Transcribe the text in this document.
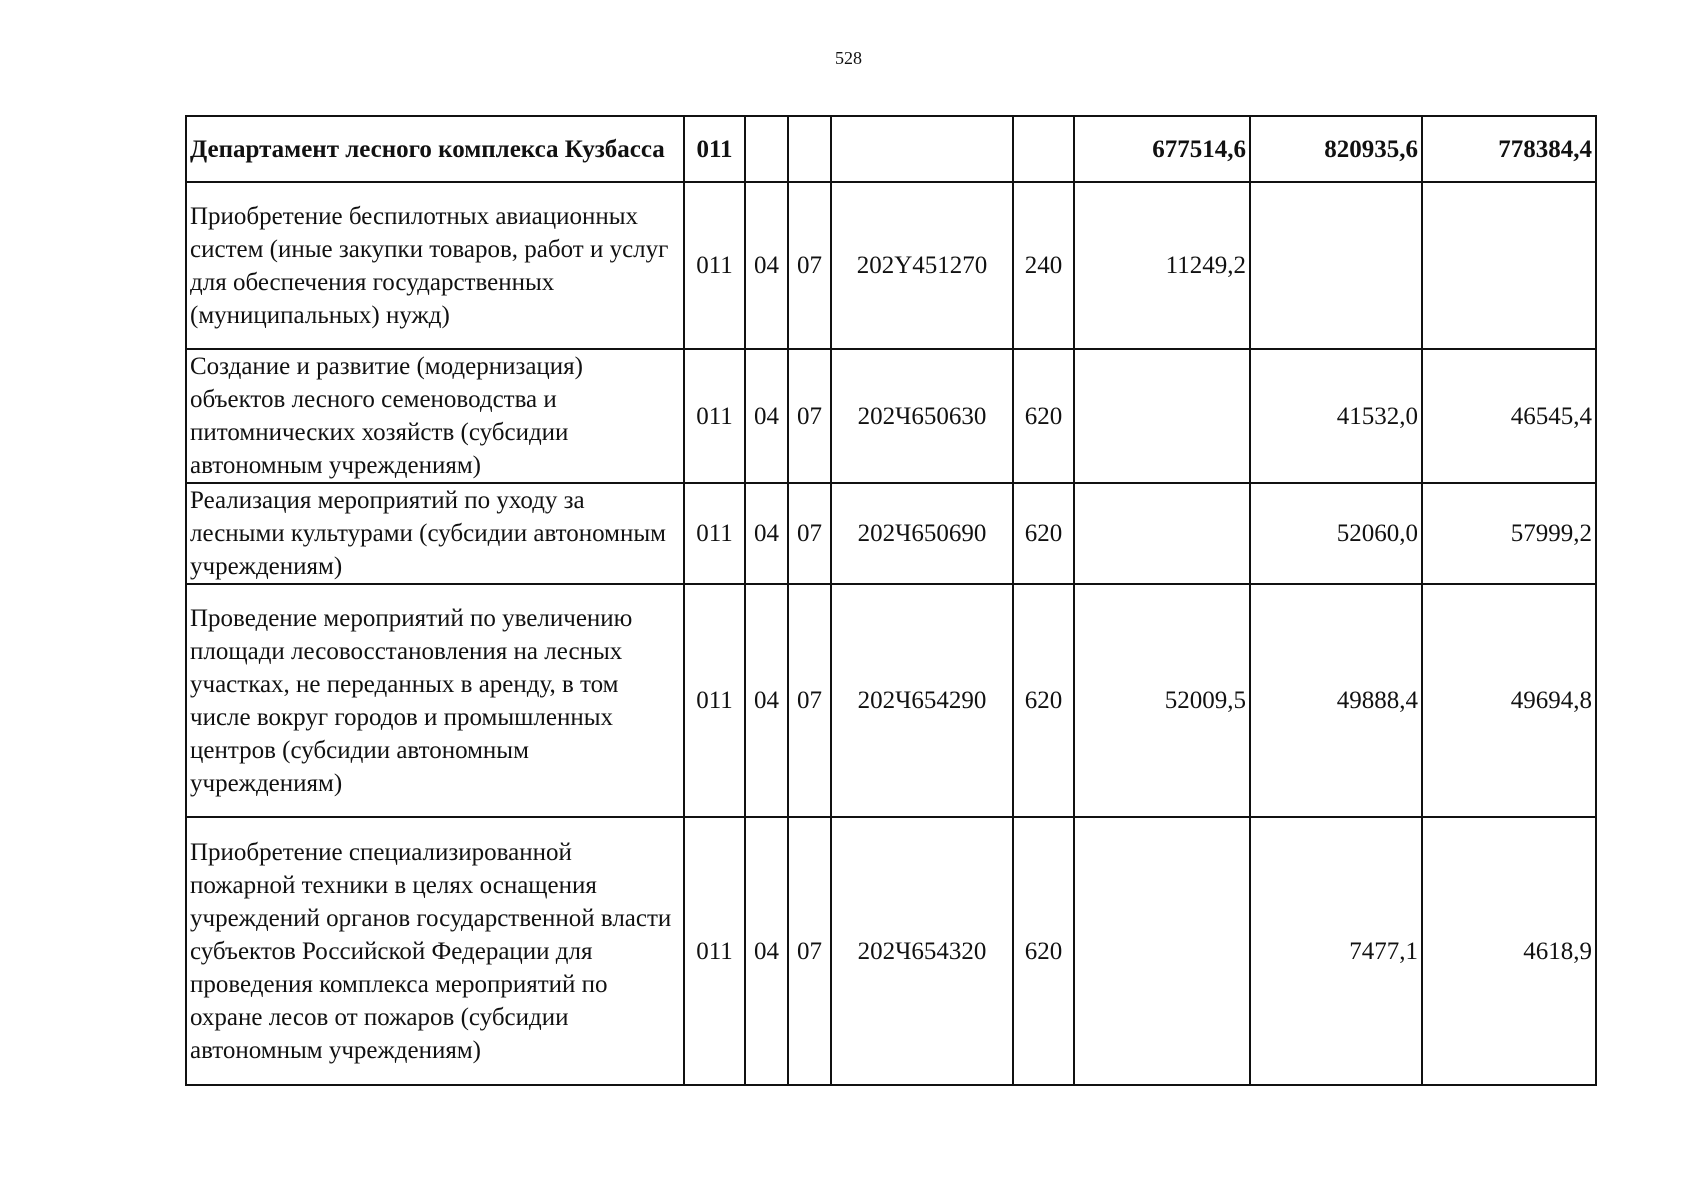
528
Департамент лесного комплекса Кузбасса	011					677514,6	820935,6	778384,4
Приобретение беспилотных авиационных систем (иные закупки товаров, работ и услуг для обеспечения государственных (муниципальных) нужд)	011	04	07	202Y451270	240	11249,2		
Создание и развитие (модернизация) объектов лесного семеноводства и питомнических хозяйств (субсидии автономным учреждениям)	011	04	07	202Ч650630	620		41532,0	46545,4
Реализация мероприятий по уходу за лесными культурами (субсидии автономным учреждениям)	011	04	07	202Ч650690	620		52060,0	57999,2
Проведение мероприятий по увеличению площади лесовосстановления на лесных участках, не переданных в аренду, в том числе вокруг городов и промышленных центров (субсидии автономным учреждениям)	011	04	07	202Ч654290	620	52009,5	49888,4	49694,8
Приобретение специализированной пожарной техники в целях оснащения учреждений органов государственной власти субъектов Российской Федерации для проведения комплекса мероприятий по охране лесов от пожаров (субсидии автономным учреждениям)	011	04	07	202Ч654320	620		7477,1	4618,9
